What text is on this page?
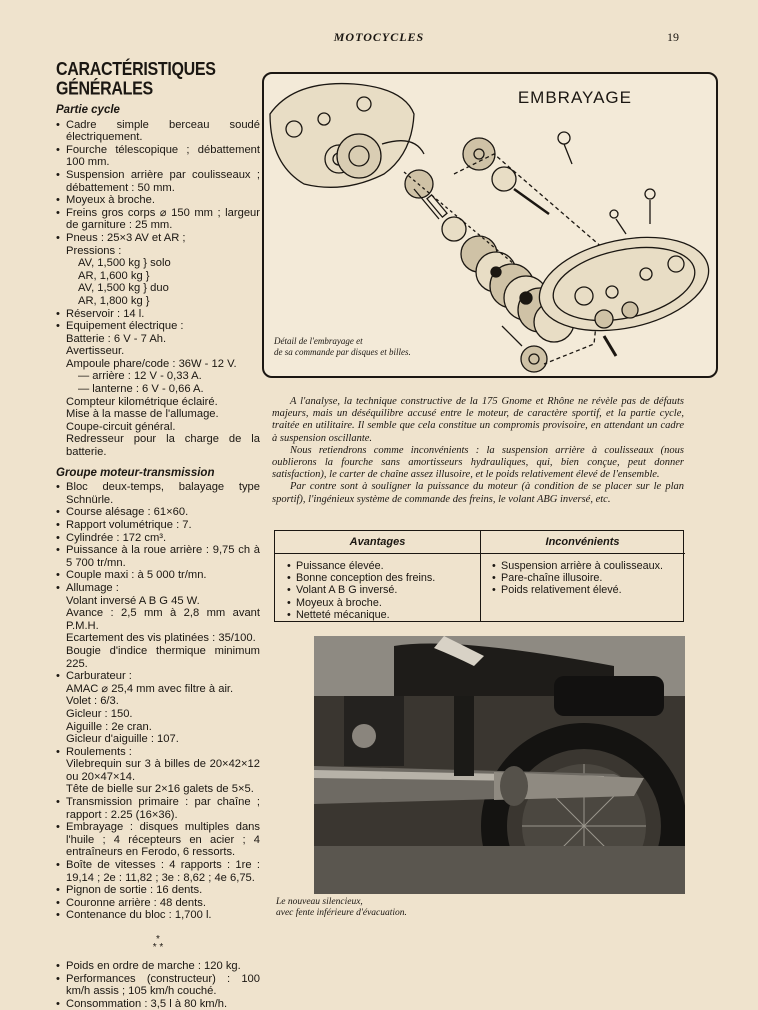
MOTOCYCLES	19
CARACTÉRISTIQUES
GÉNÉRALES
Partie cycle
• Cadre simple berceau soudé électriquement.
• Fourche télescopique ; débattement 100 mm.
• Suspension arrière par coulisseaux ; débattement : 50 mm.
• Moyeux à broche.
• Freins gros corps ⌀ 150 mm ; largeur de garniture : 25 mm.
• Pneus : 25×3 AV et AR ;
Pressions :
AV, 1,500 kg } solo
AR, 1,600 kg }
AV, 1,500 kg } duo
AR, 1,800 kg }
• Réservoir : 14 l.
• Equipement électrique :
Batterie : 6 V - 7 Ah.
Avertisseur.
Ampoule phare/code : 36W - 12 V.
— arrière : 12 V - 0,33 A.
— lanterne : 6 V - 0,66 A.
Compteur kilométrique éclairé.
Mise à la masse de l'allumage.
Coupe-circuit général.
Redresseur pour la charge de la batterie.
Groupe moteur-transmission
• Bloc deux-temps, balayage type Schnürle.
• Course alésage : 61×60.
• Rapport volumétrique : 7.
• Cylindrée : 172 cm³.
• Puissance à la roue arrière : 9,75 ch à 5 700 tr/mn.
• Couple maxi : à 5 000 tr/mn.
• Allumage :
Volant inversé A B G 45 W.
Avance : 2,5 mm à 2,8 mm avant P.M.H.
Ecartement des vis platinées : 35/100.
Bougie d'indice thermique minimum 225.
• Carburateur :
AMAC ⌀ 25,4 mm avec filtre à air.
Volet : 6/3.
Gicleur : 150.
Aiguille : 2e cran.
Gicleur d'aiguille : 107.
• Roulements :
Vilebrequin sur 3 à billes de 20×42×12 ou 20×47×14.
Tête de bielle sur 2×16 galets de 5×5.
• Transmission primaire : par chaîne ; rapport : 2.25 (16×36).
• Embrayage : disques multiples dans l'huile ; 4 récepteurs en acier ; 4 entraîneurs en Ferodo, 6 ressorts.
• Boîte de vitesses : 4 rapports : 1re : 19,14 ; 2e : 11,82 ; 3e : 8,62 ; 4e 6,75.
• Pignon de sortie : 16 dents.
• Couronne arrière : 48 dents.
• Contenance du bloc : 1,700 l.
*
* *
• Poids en ordre de marche : 120 kg.
• Performances (constructeur) : 100 km/h assis ; 105 km/h couché.
• Consommation : 3,5 l à 80 km/h.
EMBRAYAGE
Détail de l'embrayage et
de sa commande par disques et billes.

A l'analyse, la technique constructive de la 175 Gnome et Rhône ne révèle pas de défauts majeurs, mais un déséquilibre accusé entre le moteur, de caractère sportif, et la partie cycle, traitée en utilitaire. Il semble que cela constitue un compromis provisoire, en attendant un cadre à suspension oscillante.

Nous retiendrons comme inconvénients : la suspension arrière à coulisseaux (nous oublierons la fourche sans amortisseurs hydrauliques, qui, bien conçue, peut donner satisfaction), le carter de chaîne assez illusoire, et le poids relativement élevé de l'ensemble.

Par contre sont à souligner la puissance du moteur (à condition de se placer sur le plan sportif), l'ingénieux système de commande des freins, le volant ABG inversé, etc.

Avantages
• Puissance élevée.
• Bonne conception des freins.
• Volant A B G inversé.
• Moyeux à broche.
• Netteté mécanique.
Inconvénients
• Suspension arrière à coulisseaux.
• Pare-chaîne illusoire.
• Poids relativement élevé.
Le nouveau silencieux,
avec fente inférieure d'évacuation.
